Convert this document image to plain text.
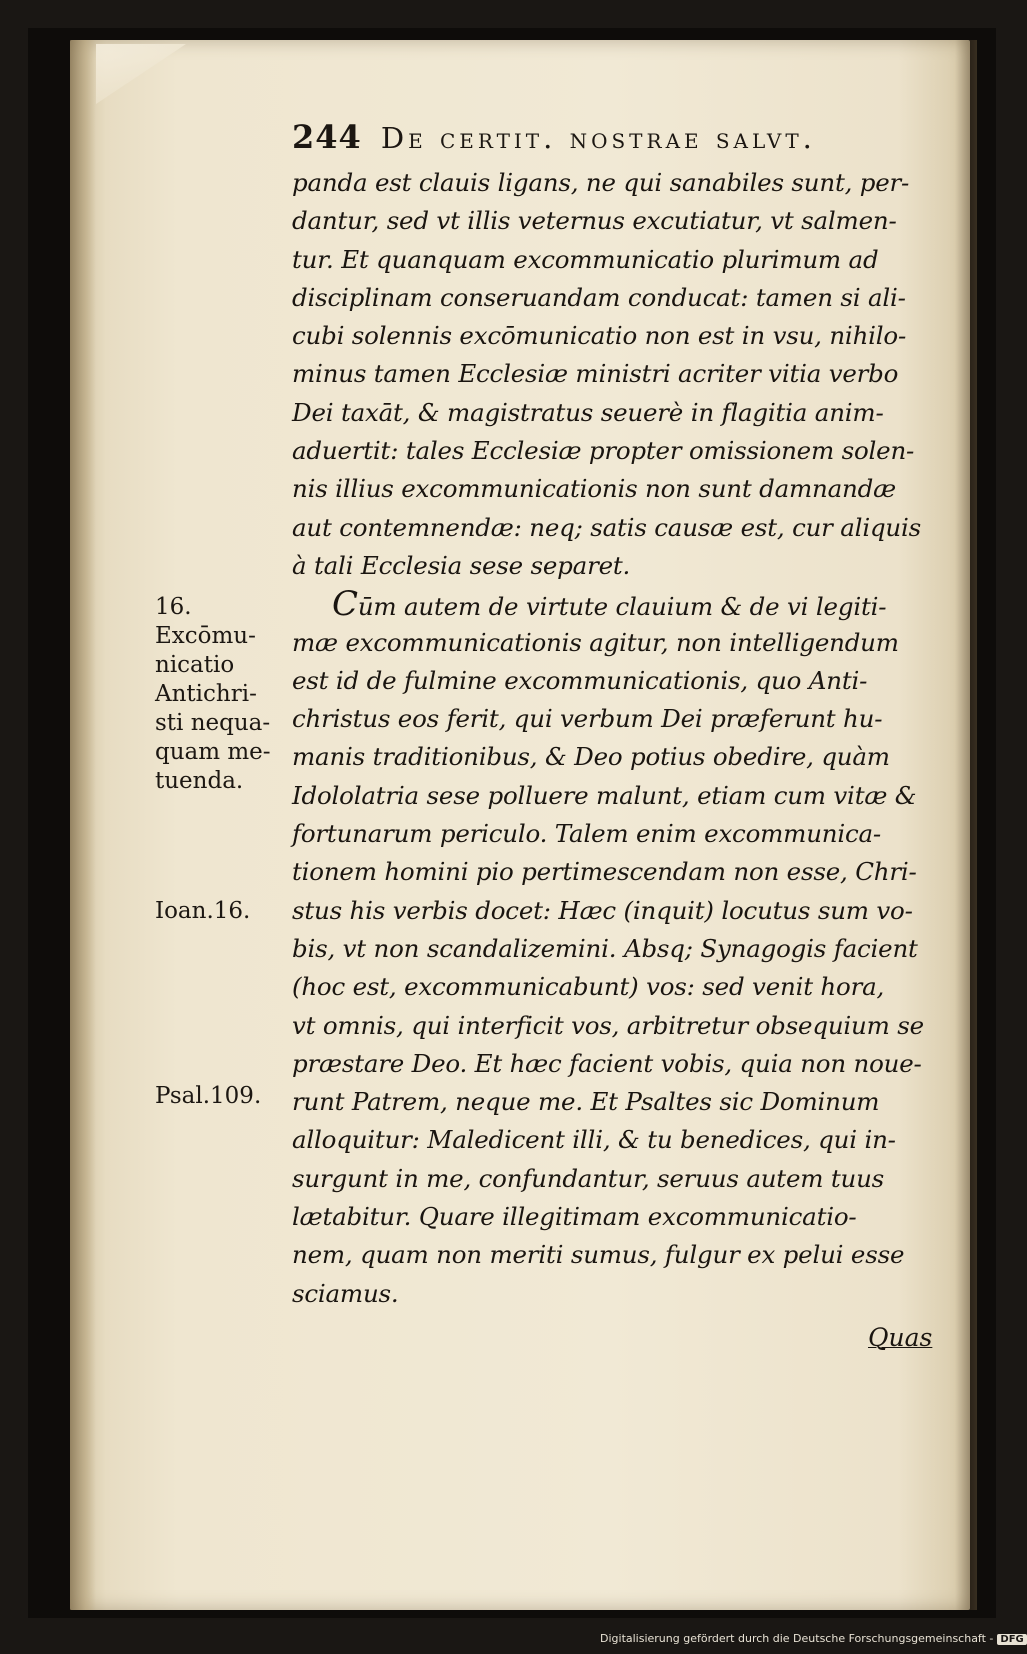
244 De certit. nostrae salvt.
panda est clauis ligans, ne qui sanabiles sunt, per-
dantur, sed vt illis veternus excutiatur, vt salmen-
tur. Et quanquam excommunicatio plurimum ad
disciplinam conseruandam conducat: tamen si ali-
cubi solennis excōmunicatio non est in vsu, nihilo-
minus tamen Ecclesiæ ministri acriter vitia verbo
Dei taxāt, & magistratus seuerè in flagitia anim-
aduertit: tales Ecclesiæ propter omissionem solen-
nis illius excommunicationis non sunt damnandæ
aut contemnendæ: neq; satis causæ est, cur aliquis
à tali Ecclesia sese separet.
Cūm autem de virtute clauium & de vi legiti-
mæ excommunicationis agitur, non intelligendum
est id de fulmine excommunicationis, quo Anti-
christus eos ferit, qui verbum Dei præferunt hu-
manis traditionibus, & Deo potius obedire, quàm
Idololatria sese polluere malunt, etiam cum vitæ &
fortunarum periculo. Talem enim excommunica-
tionem homini pio pertimescendam non esse, Chri-
stus his verbis docet: Hæc (inquit) locutus sum vo-
bis, vt non scandalizemini. Absq; Synagogis facient
(hoc est, excommunicabunt) vos: sed venit hora,
vt omnis, qui interficit vos, arbitretur obsequium se
præstare Deo. Et hæc facient vobis, quia non noue-
runt Patrem, neque me. Et Psaltes sic Dominum
alloquitur: Maledicent illi, & tu benedices, qui in-
surgunt in me, confundantur, seruus autem tuus
lætabitur. Quare illegitimam excommunicatio-
nem, quam non meriti sumus, fulgur ex pelui esse
sciamus.
Quas
16.
Excōmu-
nicatio
Antichri-
sti nequa-
quam me-
tuenda.
Ioan.16.
Psal.109.
Digitalisierung gefördert durch die Deutsche Forschungsgemeinschaft - DFG
